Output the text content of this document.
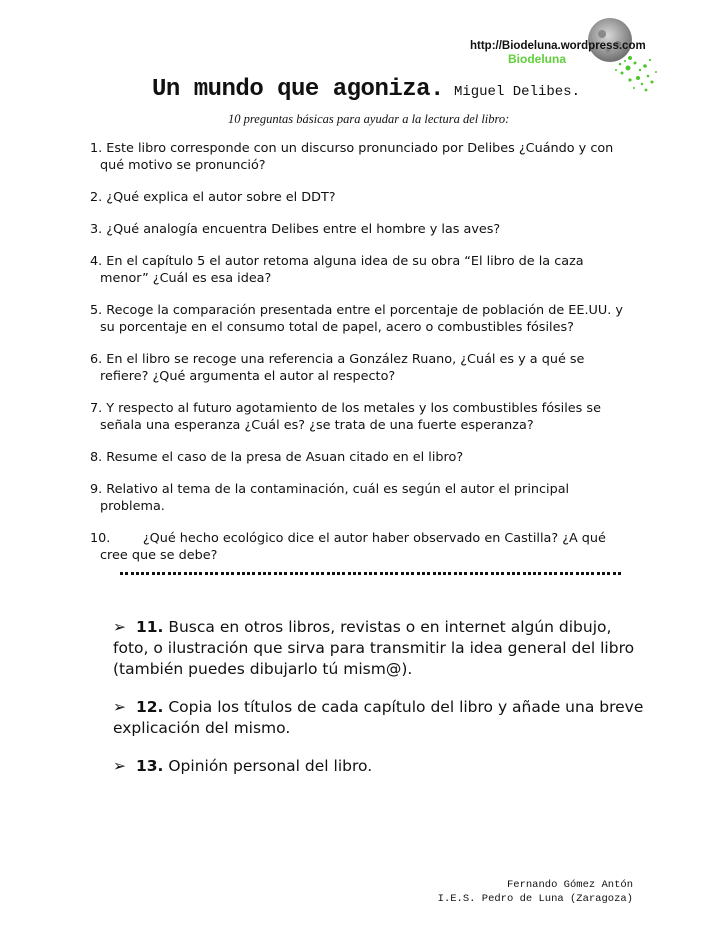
http://Biodeluna.wordpress.com
Biodeluna
Un mundo que agoniza. Miguel Delibes.
10 preguntas básicas para ayudar a la lectura del libro:
1. Este libro corresponde con un discurso pronunciado por Delibes ¿Cuándo y con
qué motivo se pronunció?
2. ¿Qué explica el autor sobre el DDT?
3. ¿Qué analogía encuentra Delibes entre el hombre y las aves?
4. En el capítulo 5 el autor retoma alguna idea de su obra “El libro de la caza
menor” ¿Cuál es esa idea?
5. Recoge la comparación presentada entre el porcentaje de población de EE.UU. y
su porcentaje en el consumo total de papel, acero o combustibles fósiles?
6. En el libro se recoge una referencia a González Ruano, ¿Cuál es y a qué se
refiere? ¿Qué argumenta el autor al respecto?
7. Y respecto al futuro agotamiento de los metales y los combustibles fósiles se
señala una esperanza ¿Cuál es? ¿se trata de una fuerte esperanza?
8. Resume el caso de la presa de Asuan citado en el libro?
9. Relativo al tema de la contaminación, cuál es según el autor el principal
problema.
10.        ¿Qué hecho ecológico dice el autor haber observado en Castilla? ¿A qué
cree que se debe?
➢ 11. Busca en otros libros, revistas o en internet algún dibujo,
foto, o ilustración que sirva para transmitir la idea general del libro
(también puedes dibujarlo tú mism@).
➢ 12. Copia los títulos de cada capítulo del libro y añade una breve
explicación del mismo.
➢ 13. Opinión personal del libro.
Fernando Gómez Antón
I.E.S. Pedro de Luna (Zaragoza)
